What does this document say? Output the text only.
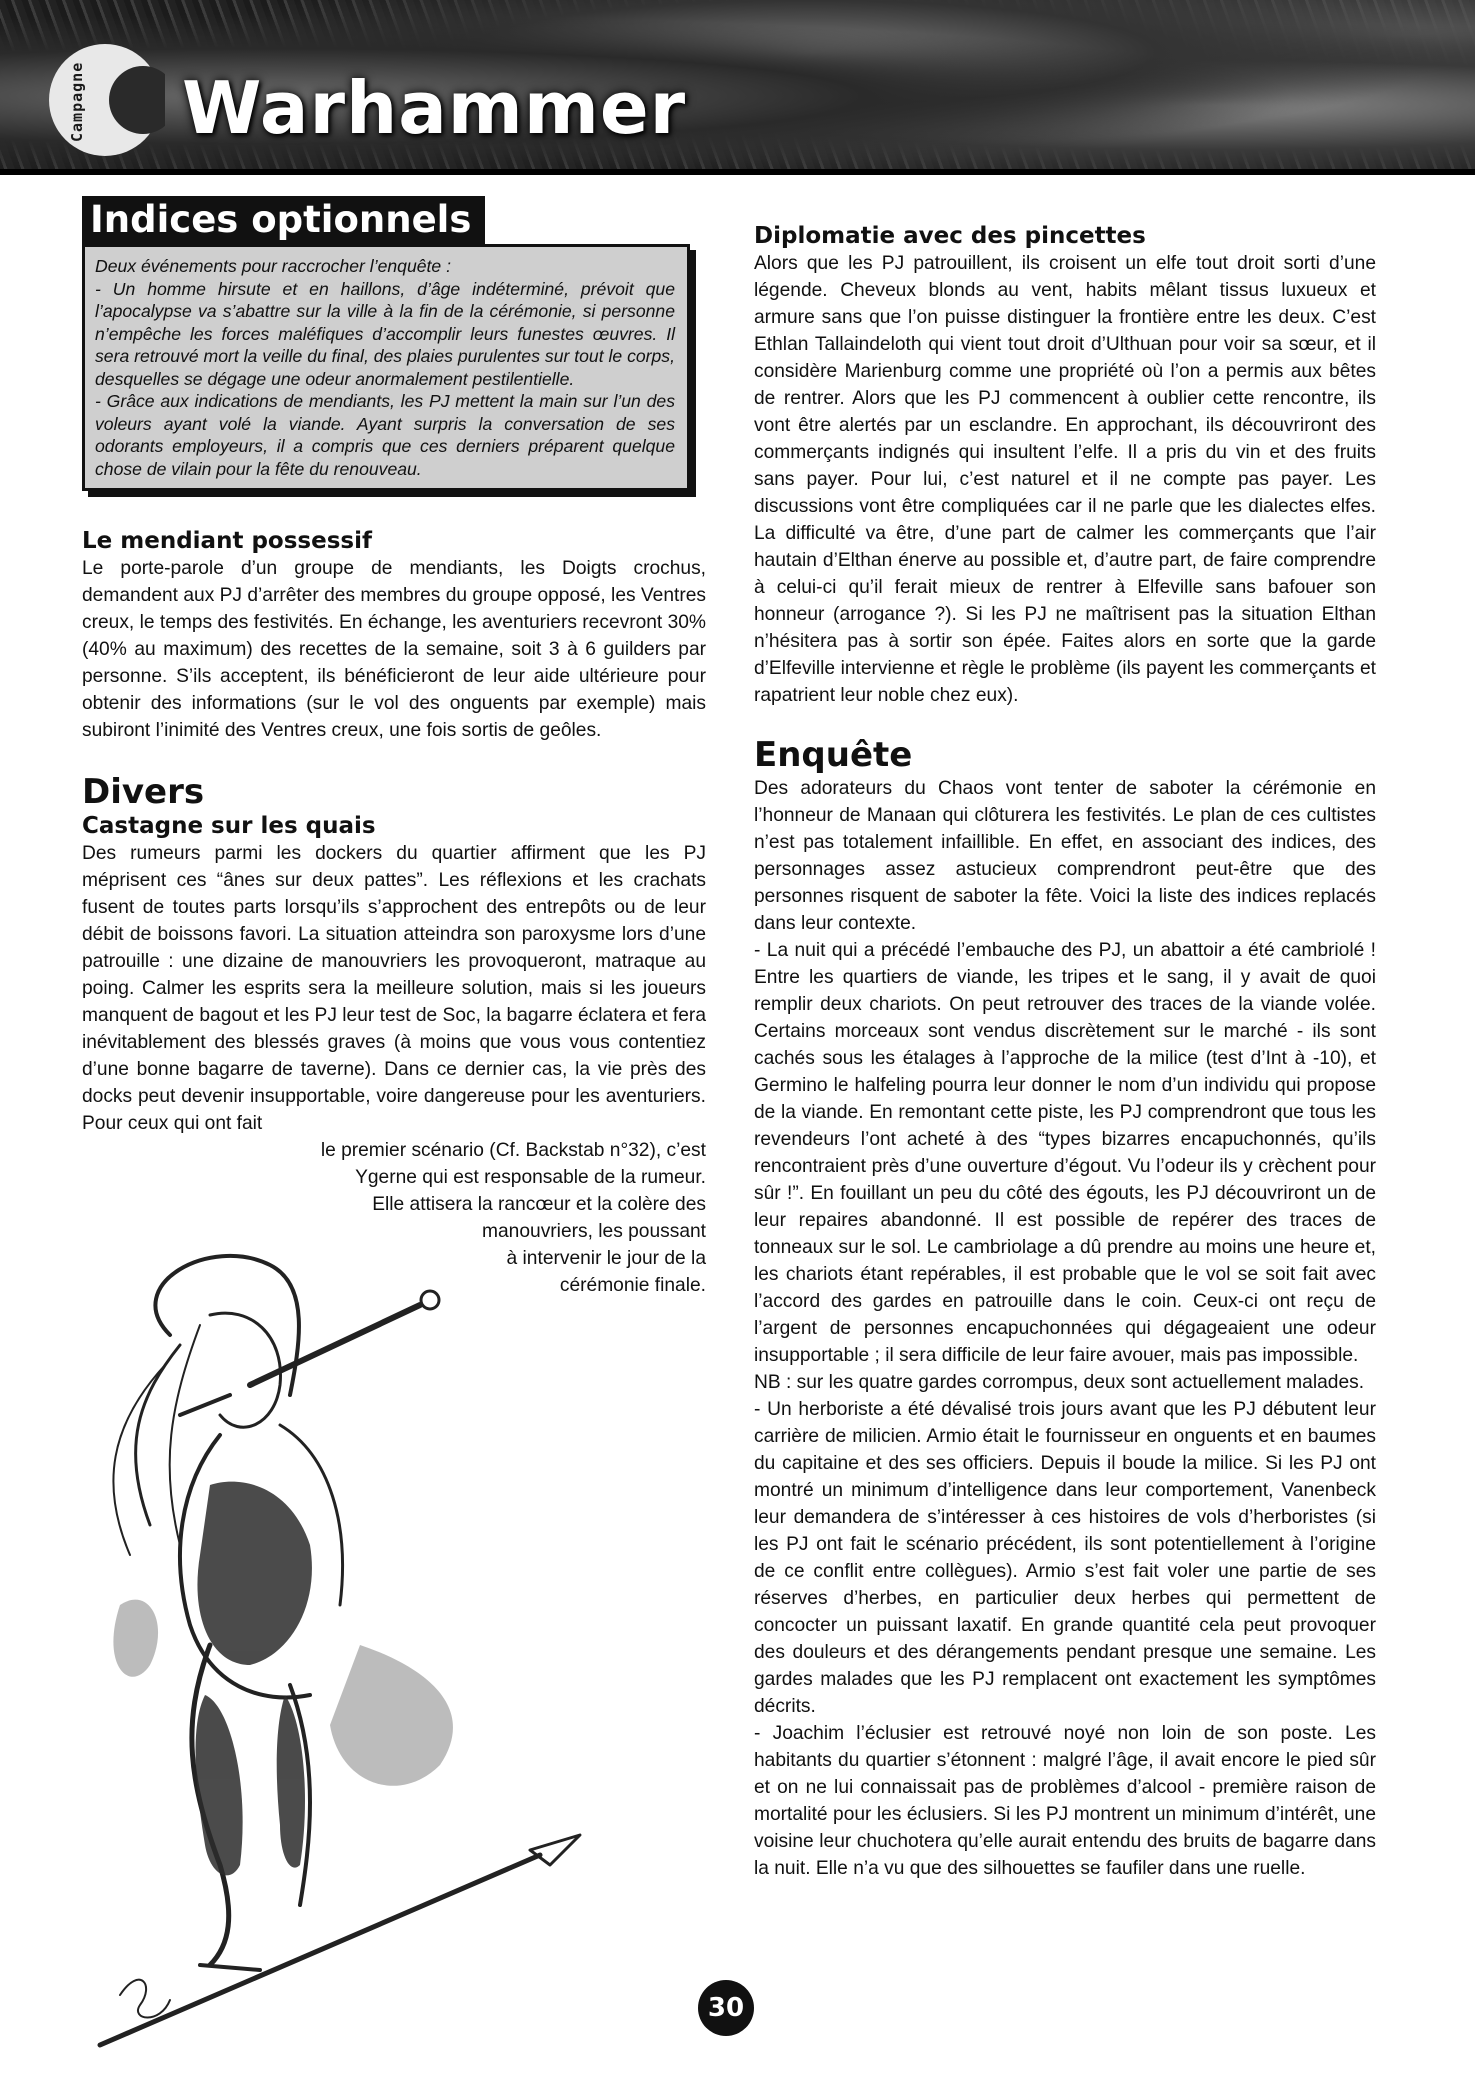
Campagne	Warhammer
Indices optionnels

Deux événements pour raccrocher l’enquête :

- Un homme hirsute et en haillons, d’âge indéterminé, prévoit que l’apocalypse va s’abattre sur la ville à la fin de la cérémonie, si personne n’empêche les forces maléfiques d’accomplir leurs funestes œuvres. Il sera retrouvé mort la veille du final, des plaies purulentes sur tout le corps, desquelles se dégage une odeur anormalement pestilentielle.

- Grâce aux indications de mendiants, les PJ mettent la main sur l’un des voleurs ayant volé la viande. Ayant surpris la conversation de ses odorants employeurs, il a compris que ces derniers préparent quelque chose de vilain pour la fête du renouveau.

Le mendiant possessif

Le porte-parole d’un groupe de mendiants, les Doigts crochus, demandent aux PJ d’arrêter des membres du groupe opposé, les Ventres creux, le temps des festivités. En échange, les aventuriers recevront 30% (40% au maximum) des recettes de la semaine, soit 3 à 6 guilders par personne. S’ils acceptent, ils bénéficieront de leur aide ultérieure pour obtenir des informations (sur le vol des onguents par exemple) mais subiront l’inimité des Ventres creux, une fois sortis de geôles.

Divers
Castagne sur les quais

Des rumeurs parmi les dockers du quartier affirment que les PJ méprisent ces “ânes sur deux pattes”. Les réflexions et les crachats fusent de toutes parts lorsqu’ils s’approchent des entrepôts ou de leur débit de boissons favori. La situation atteindra son paroxysme lors d’une patrouille : une dizaine de manouvriers les provoqueront, matraque au poing. Calmer les esprits sera la meilleure solution, mais si les joueurs manquent de bagout et les PJ leur test de Soc, la bagarre éclatera et fera inévitablement des blessés graves (à moins que vous vous contentiez d’une bonne bagarre de taverne). Dans ce dernier cas, la vie près des docks peut devenir insupportable, voire dangereuse pour les aventuriers. Pour ceux qui ont fait

le premier scénario (Cf. Backstab n°32), c’est
Ygerne qui est responsable de la rumeur.
Elle attisera la rancœur et la colère des
manouvriers, les poussant
à intervenir le jour de la
cérémonie finale.
Diplomatie avec des pincettes

Alors que les PJ patrouillent, ils croisent un elfe tout droit sorti d’une légende. Cheveux blonds au vent, habits mêlant tissus luxueux et armure sans que l’on puisse distinguer la frontière entre les deux. C’est Ethlan Tallaindeloth qui vient tout droit d’Ulthuan pour voir sa sœur, et il considère Marienburg comme une propriété où l’on a permis aux bêtes de rentrer. Alors que les PJ commencent à oublier cette rencontre, ils vont être alertés par un esclandre. En approchant, ils découvriront des commerçants indignés qui insultent l’elfe. Il a pris du vin et des fruits sans payer. Pour lui, c’est naturel et il ne compte pas payer. Les discussions vont être compliquées car il ne parle que les dialectes elfes. La difficulté va être, d’une part de calmer les commerçants que l’air hautain d’Elthan énerve au possible et, d’autre part, de faire comprendre à celui-ci qu’il ferait mieux de rentrer à Elfeville sans bafouer son honneur (arrogance ?). Si les PJ ne maîtrisent pas la situation Elthan n’hésitera pas à sortir son épée. Faites alors en sorte que la garde d’Elfeville intervienne et règle le problème (ils payent les commerçants et rapatrient leur noble chez eux).

Enquête

Des adorateurs du Chaos vont tenter de saboter la cérémonie en l’honneur de Manaan qui clôturera les festivités. Le plan de ces cultistes n’est pas totalement infaillible. En effet, en associant des indices, des personnages assez astucieux comprendront peut-être que des personnes risquent de saboter la fête. Voici la liste des indices replacés dans leur contexte.

- La nuit qui a précédé l’embauche des PJ, un abattoir a été cambriolé ! Entre les quartiers de viande, les tripes et le sang, il y avait de quoi remplir deux chariots. On peut retrouver des traces de la viande volée. Certains morceaux sont vendus discrètement sur le marché - ils sont cachés sous les étalages à l’approche de la milice (test d’Int à -10), et Germino le halfeling pourra leur donner le nom d’un individu qui propose de la viande. En remontant cette piste, les PJ comprendront que tous les revendeurs l’ont acheté à des “types bizarres encapuchonnés, qu’ils rencontraient près d’une ouverture d’égout. Vu l’odeur ils y crèchent pour sûr !”. En fouillant un peu du côté des égouts, les PJ découvriront un de leur repaires abandonné. Il est possible de repérer des traces de tonneaux sur le sol. Le cambriolage a dû prendre au moins une heure et, les chariots étant repérables, il est probable que le vol se soit fait avec l’accord des gardes en patrouille dans le coin. Ceux-ci ont reçu de l’argent de personnes encapuchonnées qui dégageaient une odeur insupportable ; il sera difficile de leur faire avouer, mais pas impossible.

NB : sur les quatre gardes corrompus, deux sont actuellement malades.

- Un herboriste a été dévalisé trois jours avant que les PJ débutent leur carrière de milicien. Armio était le fournisseur en onguents et en baumes du capitaine et des ses officiers. Depuis il boude la milice. Si les PJ ont montré un minimum d’intelligence dans leur comportement, Vanenbeck leur demandera de s’intéresser à ces histoires de vols d’herboristes (si les PJ ont fait le scénario précédent, ils sont potentiellement à l’origine de ce conflit entre collègues). Armio s’est fait voler une partie de ses réserves d’herbes, en particulier deux herbes qui permettent de concocter un puissant laxatif. En grande quantité cela peut provoquer des douleurs et des dérangements pendant presque une semaine. Les gardes malades que les PJ remplacent ont exactement les symptômes décrits.

- Joachim l’éclusier est retrouvé noyé non loin de son poste. Les habitants du quartier s’étonnent : malgré l’âge, il avait encore le pied sûr et on ne lui connaissait pas de problèmes d’alcool - première raison de mortalité pour les éclusiers. Si les PJ montrent un minimum d’intérêt, une voisine leur chuchotera qu’elle aurait entendu des bruits de bagarre dans la nuit. Elle n’a vu que des silhouettes se faufiler dans une ruelle.

30
